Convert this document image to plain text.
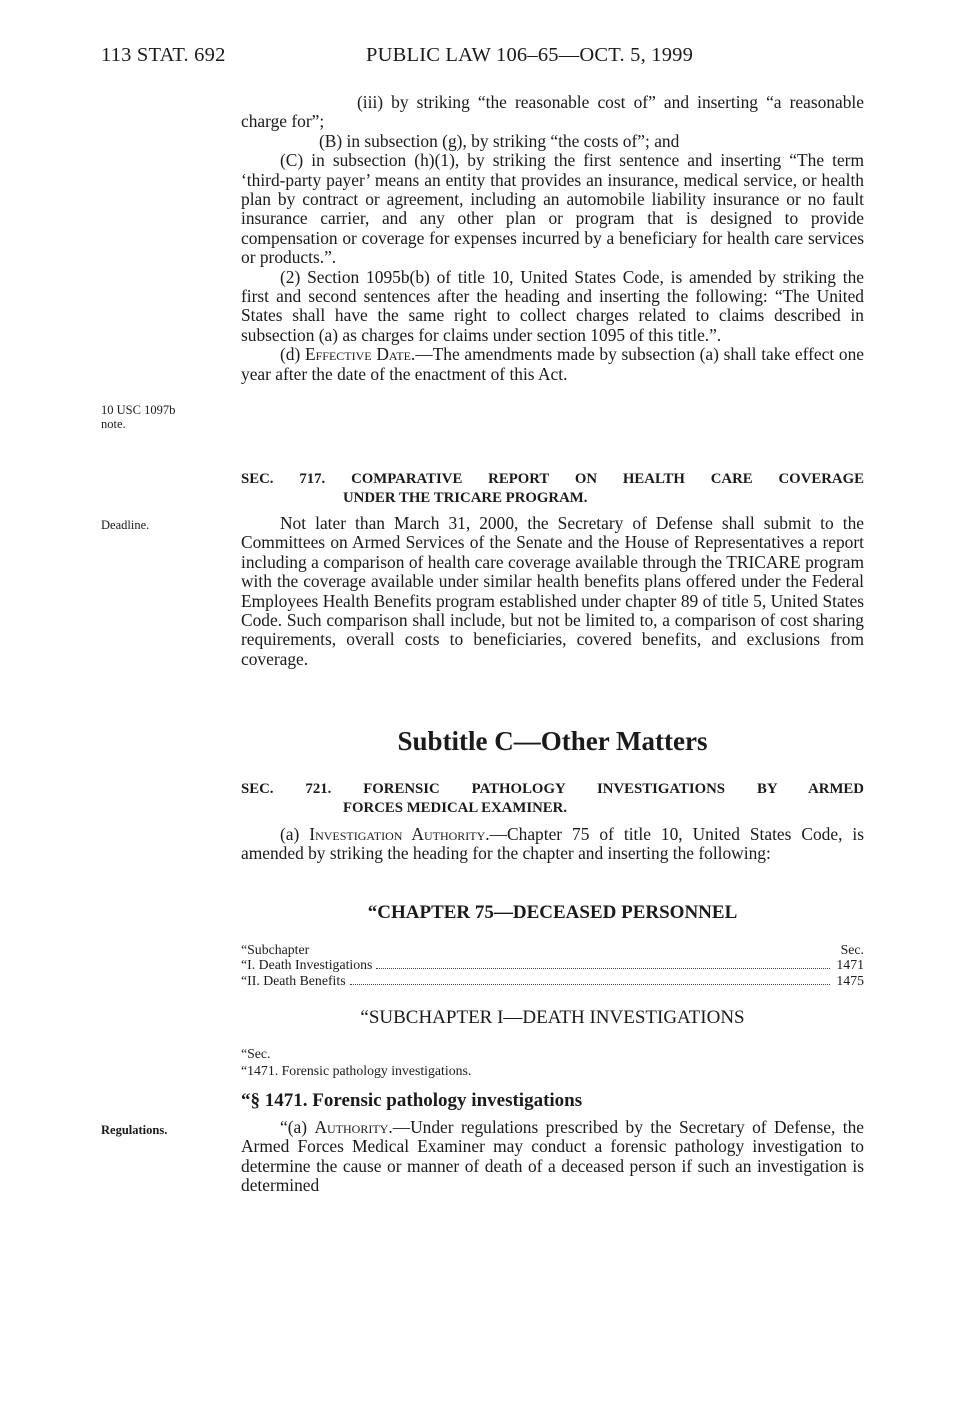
113 STAT. 692	PUBLIC LAW 106–65—OCT. 5, 1999

(iii) by striking “the reasonable cost of” and inserting “a reasonable charge for”;

(B) in subsection (g), by striking “the costs of”; and

(C) in subsection (h)(1), by striking the first sentence and inserting “The term ‘third-party payer’ means an entity that provides an insurance, medical service, or health plan by contract or agreement, including an automobile liability insurance or no fault insurance carrier, and any other plan or program that is designed to provide compensation or coverage for expenses incurred by a beneficiary for health care services or products.”.

(2) Section 1095b(b) of title 10, United States Code, is amended by striking the first and second sentences after the heading and inserting the following: “The United States shall have the same right to collect charges related to claims described in subsection (a) as charges for claims under section 1095 of this title.”.

(d) Effective Date.—The amendments made by subsection (a) shall take effect one year after the date of the enactment of this Act.

10 USC 1097b
note.
Deadline.
Regulations.
SEC. 717. COMPARATIVE REPORT ON HEALTH CARE COVERAGE
UNDER THE TRICARE PROGRAM.

Not later than March 31, 2000, the Secretary of Defense shall submit to the Committees on Armed Services of the Senate and the House of Representatives a report including a comparison of health care coverage available through the TRICARE program with the coverage available under similar health benefits plans offered under the Federal Employees Health Benefits program established under chapter 89 of title 5, United States Code. Such comparison shall include, but not be limited to, a comparison of cost sharing requirements, overall costs to beneficiaries, covered benefits, and exclusions from coverage.

Subtitle C—Other Matters
SEC. 721. FORENSIC PATHOLOGY INVESTIGATIONS BY ARMED
FORCES MEDICAL EXAMINER.

(a) Investigation Authority.—Chapter 75 of title 10, United States Code, is amended by striking the heading for the chapter and inserting the following:

“CHAPTER 75—DECEASED PERSONNEL
“Subchapter	Sec.
“I. Death Investigations	1471
“II. Death Benefits	1475
“SUBCHAPTER I—DEATH INVESTIGATIONS
“Sec.
“1471. Forensic pathology investigations.
“§ 1471. Forensic pathology investigations

“(a) Authority.—Under regulations prescribed by the Secretary of Defense, the Armed Forces Medical Examiner may conduct a forensic pathology investigation to determine the cause or manner of death of a deceased person if such an investigation is determined
